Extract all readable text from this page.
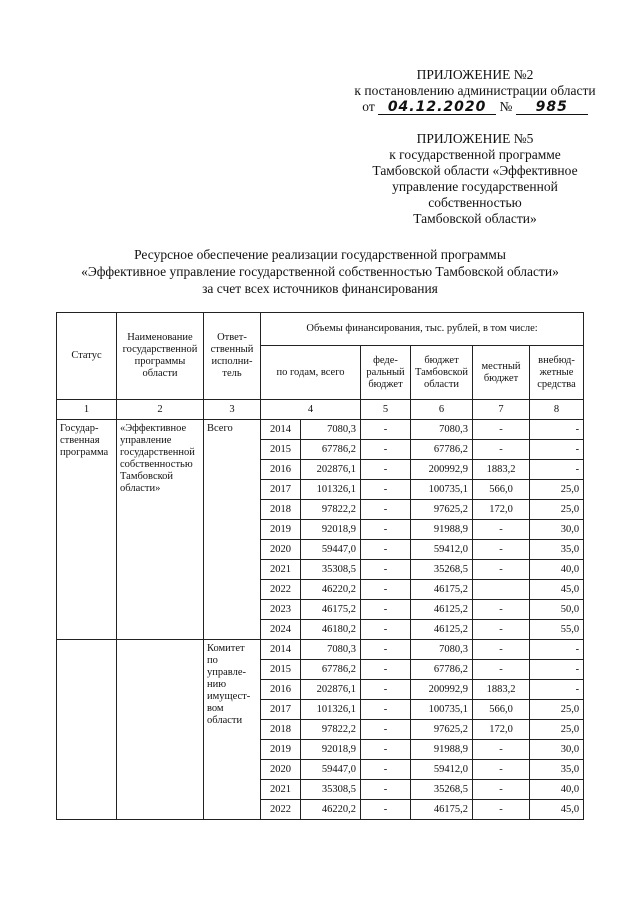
ПРИЛОЖЕНИЕ №2
к постановлению администрации области
от 04.12.2020 № 985
ПРИЛОЖЕНИЕ №5
к государственной программе
Тамбовской области «Эффективное
управление государственной
собственностью
Тамбовской области»
Ресурсное обеспечение реализации государственной программы
«Эффективное управление государственной собственностью Тамбовской области»
за счет всех источников финансирования
Статус	Наименование государственной программы области	Ответ- ственный исполни- тель	Объемы финансирования, тыс. рублей, в том числе:					
			по годам, всего		феде- ральный бюджет	бюджет Тамбовской области	местный бюджет	внебюд- жетные средства
1	2	3	4		5	6	7	8
Государ- ственная программа	«Эффективное управление государственной собственностью Тамбовской области»	Всего	2014	7080,3	-	7080,3	-	-
			2015	67786,2	-	67786,2	-	-
			2016	202876,1	-	200992,9	1883,2	-
			2017	101326,1	-	100735,1	566,0	25,0
			2018	97822,2	-	97625,2	172,0	25,0
			2019	92018,9	-	91988,9	-	30,0
			2020	59447,0	-	59412,0	-	35,0
			2021	35308,5	-	35268,5	-	40,0
			2022	46220,2	-	46175,2		45,0
			2023	46175,2	-	46125,2	-	50,0
			2024	46180,2	-	46125,2	-	55,0
		Комитет по управле- нию имущест- вом области	2014	7080,3	-	7080,3	-	-
			2015	67786,2	-	67786,2	-	-
			2016	202876,1	-	200992,9	1883,2	-
			2017	101326,1	-	100735,1	566,0	25,0
			2018	97822,2	-	97625,2	172,0	25,0
			2019	92018,9	-	91988,9	-	30,0
			2020	59447,0	-	59412,0	-	35,0
			2021	35308,5	-	35268,5	-	40,0
			2022	46220,2	-	46175,2	-	45,0
